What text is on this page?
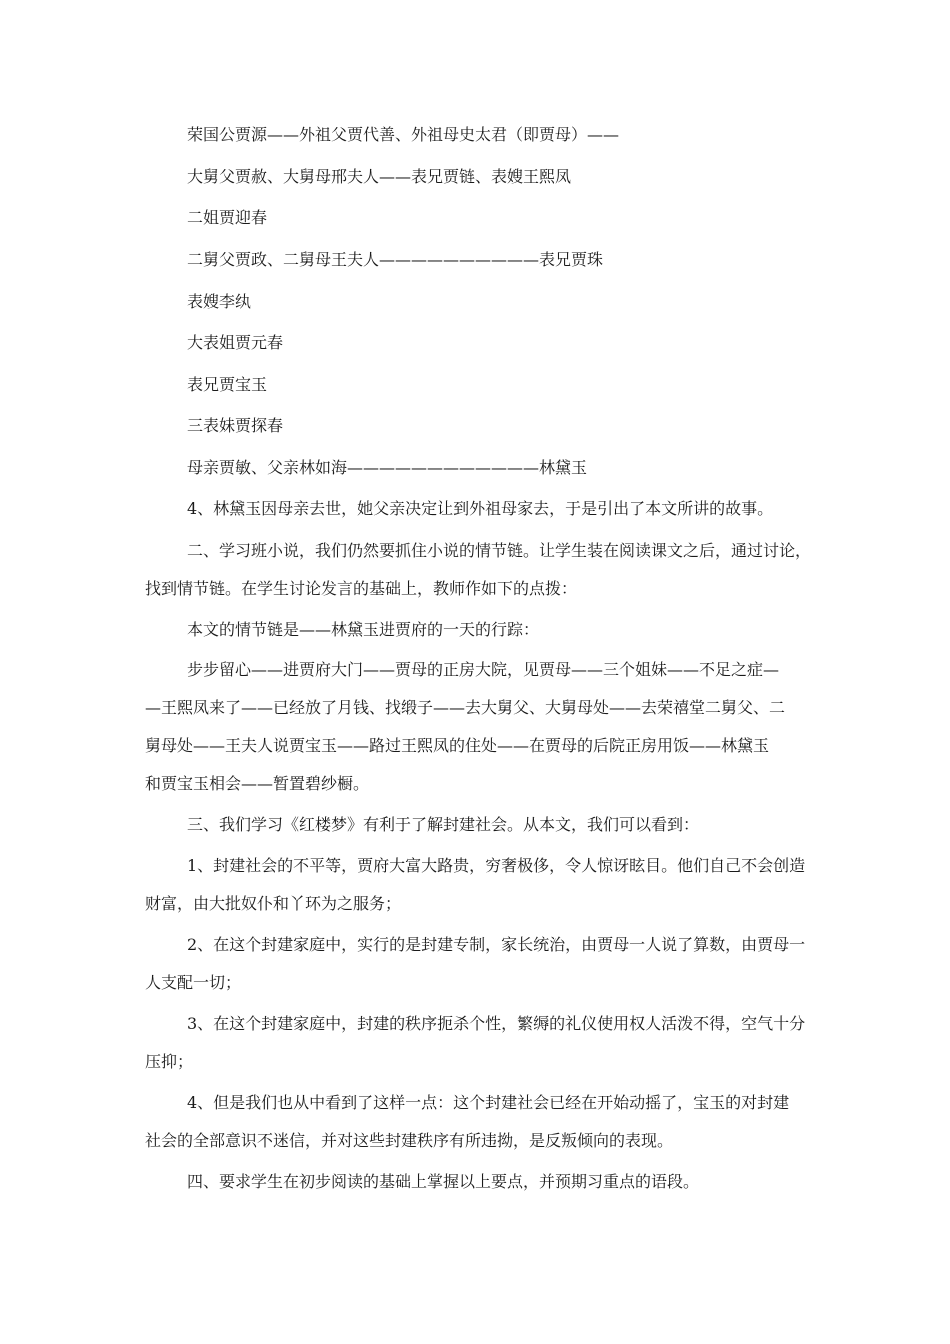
荣国公贾源——外祖父贾代善、外祖母史太君（即贾母）——
大舅父贾赦、大舅母邢夫人——表兄贾链、表嫂王熙凤
二姐贾迎春
二舅父贾政、二舅母王夫人——————————表兄贾珠
表嫂李纨
大表姐贾元春
表兄贾宝玉
三表妹贾探春
母亲贾敏、父亲林如海————————————林黛玉
4、林黛玉因母亲去世，她父亲决定让到外祖母家去，于是引出了本文所讲的故事。
二、学习班小说，我们仍然要抓住小说的情节链。让学生装在阅读课文之后，通过讨论，
找到情节链。在学生讨论发言的基础上，教师作如下的点拨：
本文的情节链是——林黛玉进贾府的一天的行踪：
步步留心——进贾府大门——贾母的正房大院，见贾母——三个姐妹——不足之症—
—王熙凤来了——已经放了月钱、找缎子——去大舅父、大舅母处——去荣禧堂二舅父、二
舅母处——王夫人说贾宝玉——路过王熙凤的住处——在贾母的后院正房用饭——林黛玉
和贾宝玉相会——暂置碧纱橱。
三、我们学习《红楼梦》有利于了解封建社会。从本文，我们可以看到：
1、封建社会的不平等，贾府大富大路贵，穷奢极侈，令人惊讶眩目。他们自己不会创造
财富，由大批奴仆和丫环为之服务；
2、在这个封建家庭中，实行的是封建专制，家长统治，由贾母一人说了算数，由贾母一
人支配一切；
3、在这个封建家庭中，封建的秩序扼杀个性，繁缛的礼仪使用权人活泼不得，空气十分
压抑；
4、但是我们也从中看到了这样一点：这个封建社会已经在开始动摇了，宝玉的对封建
社会的全部意识不迷信，并对这些封建秩序有所违拗，是反叛倾向的表现。
四、要求学生在初步阅读的基础上掌握以上要点，并预期习重点的语段。
